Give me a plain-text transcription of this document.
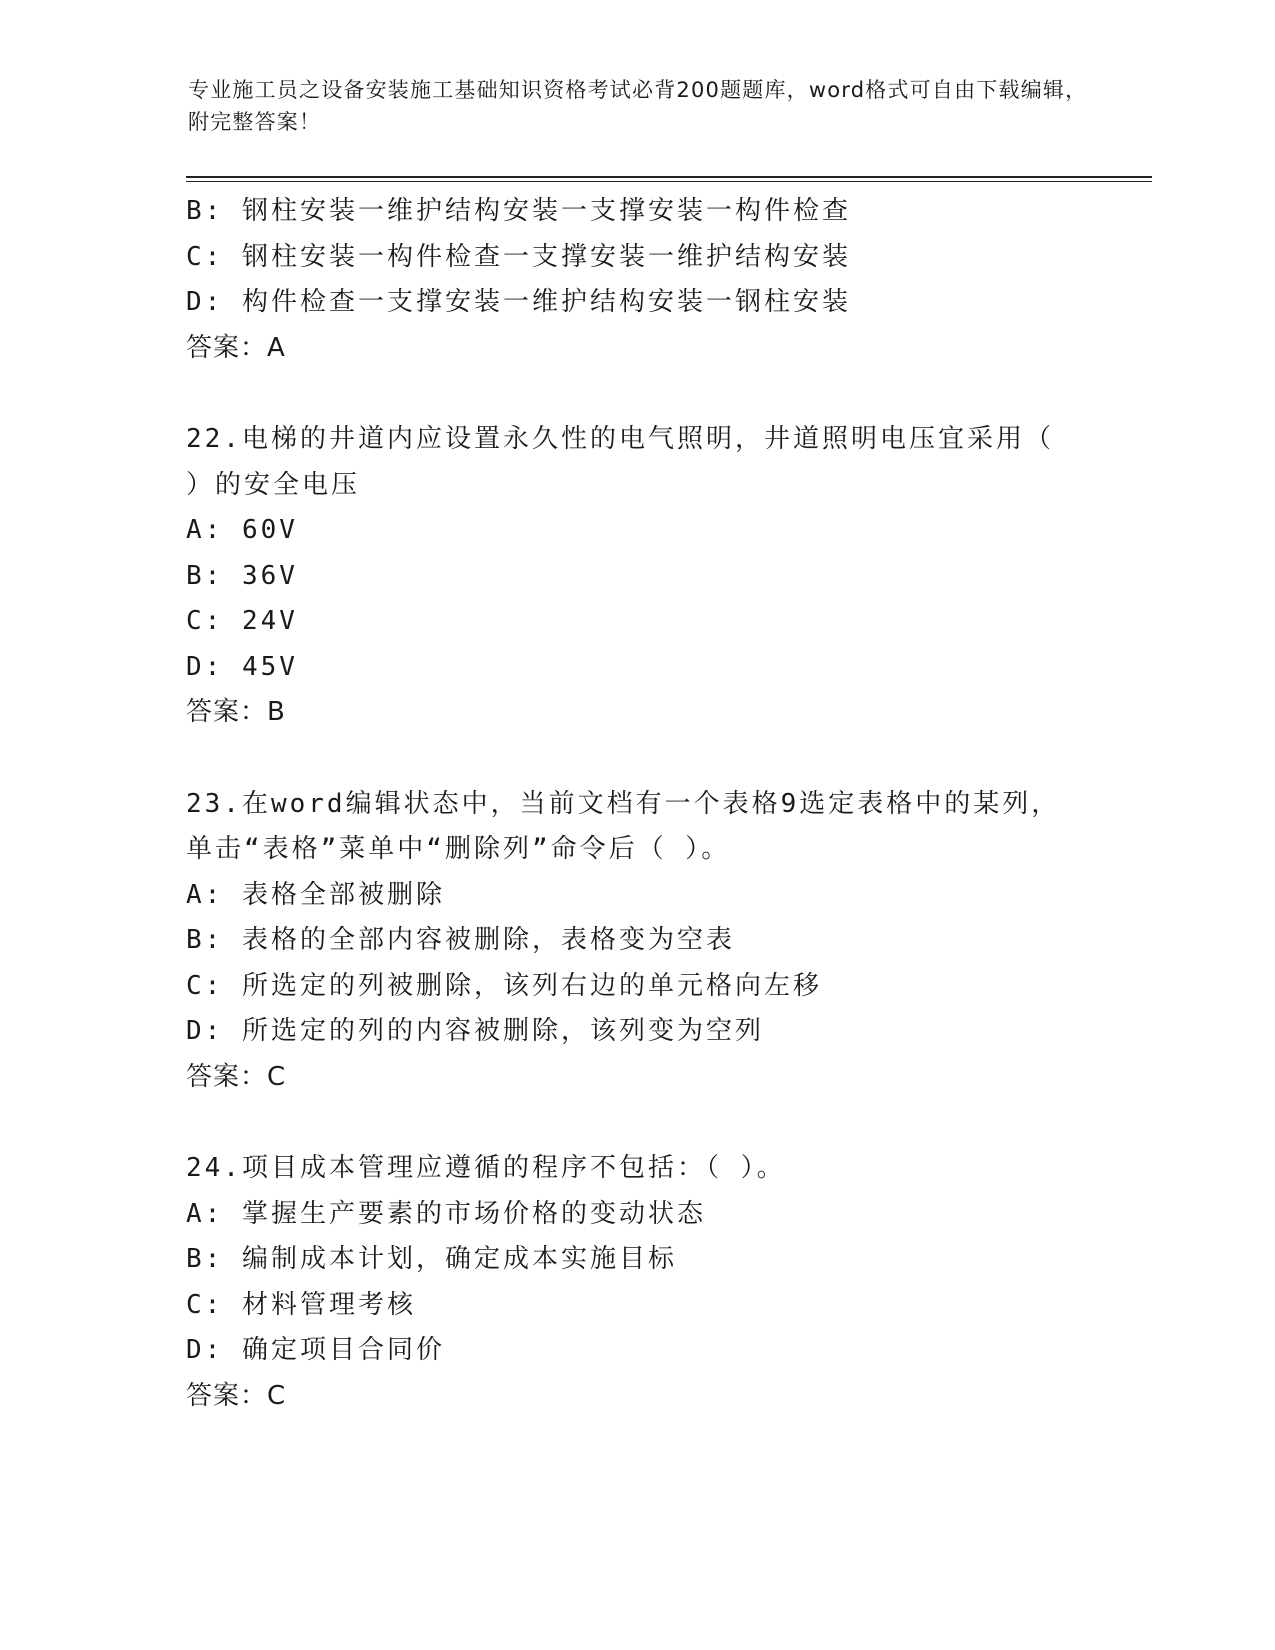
专业施工员之设备安装施工基础知识资格考试必背200题题库，word格式可自由下载编辑，附完整答案！
B: 钢柱安装一维护结构安装一支撑安装一构件检查
C: 钢柱安装一构件检查一支撑安装一维护结构安装
D: 构件检查一支撑安装一维护结构安装一钢柱安装
答案：A
22.电梯的井道内应设置永久性的电气照明，井道照明电压宜采用（
）的安全电压
A: 60V
B: 36V
C: 24V
D: 45V
答案：B
23.在word编辑状态中，当前文档有一个表格9选定表格中的某列，
单击“表格”菜单中“删除列”命令后（ ）。
A: 表格全部被删除
B: 表格的全部内容被删除，表格变为空表
C: 所选定的列被删除，该列右边的单元格向左移
D: 所选定的列的内容被删除，该列变为空列
答案：C
24.项目成本管理应遵循的程序不包括：（ ）。
A: 掌握生产要素的市场价格的变动状态
B: 编制成本计划，确定成本实施目标
C: 材料管理考核
D: 确定项目合同价
答案：C
